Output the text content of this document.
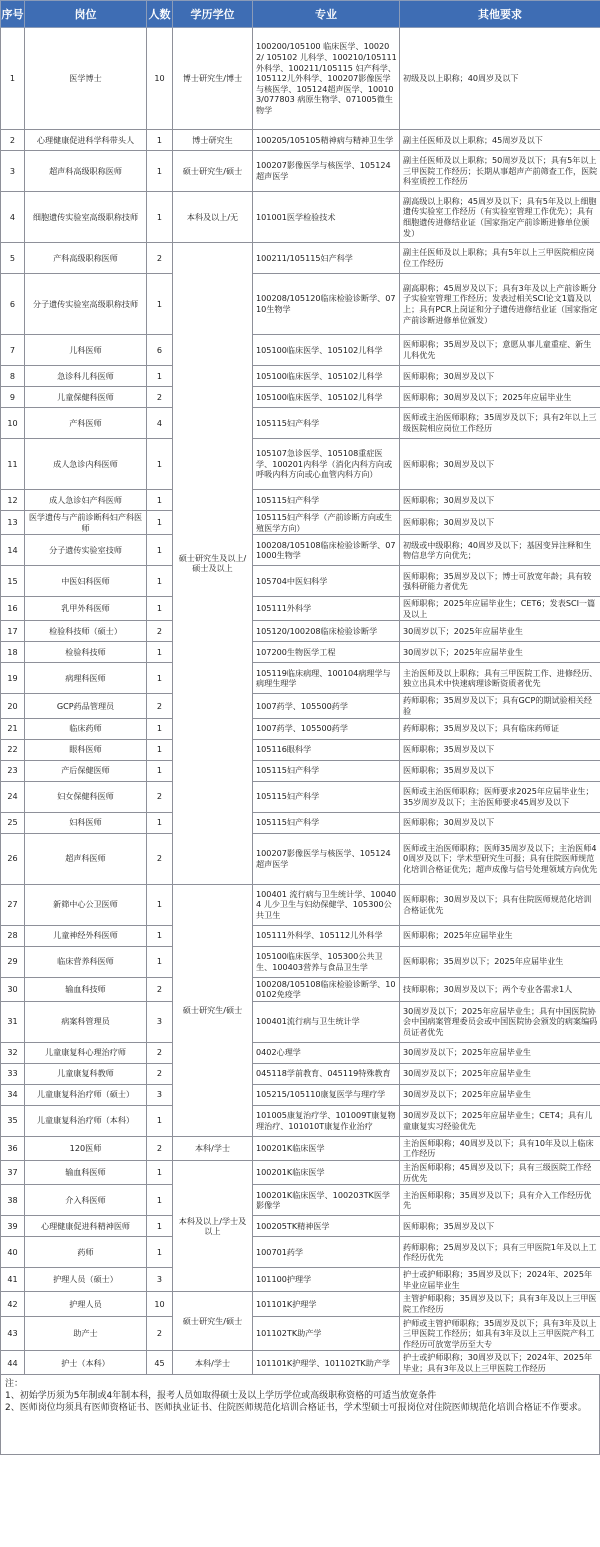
序号	岗位	人数	学历学位	专业	其他要求
1	医学博士	10	博士研究生/博士	100200/105100 临床医学、100202/ 105102 儿科学、100210/105111 外科学、100211/105115 妇产科学、105112儿外科学、100207影像医学与核医学、105124超声医学、100103/077803 病原生物学、071005微生物学	初级及以上职称；40周岁及以下
2	心理健康促进科学科带头人	1	博士研究生	100205/105105精神病与精神卫生学	副主任医师及以上职称；45周岁及以下
3	超声科高级职称医师	1	硕士研究生/硕士	100207影像医学与核医学、105124超声医学	副主任医师及以上职称；50周岁及以下；具有5年以上三甲医院工作经历；长期从事超声产前筛查工作，医院科室质控工作经历
4	细胞遗传实验室高级职称技师	1	本科及以上/无	101001医学检验技术	副高级以上职称；45周岁及以下；具有5年及以上细胞遗传实验室工作经历（有实验室管理工作优先）；具有细胞遗传进修结业证（国家指定产前诊断进修单位颁发）
5	产科高级职称医师	2	硕士研究生及以上/硕士及以上	100211/105115妇产科学	副主任医师及以上职称；具有5年以上三甲医院相应岗位工作经历
6	分子遗传实验室高级职称技师	1		100208/105120临床检验诊断学、0710生物学	副高职称；45周岁及以下；具有3年及以上产前诊断分子实验室管理工作经历；发表过相关SCI论文1篇及以上；具有PCR上岗证和分子遗传进修结业证（国家指定产前诊断进修单位颁发）
7	儿科医师	6		105100临床医学、105102儿科学	医师职称；35周岁及以下；意愿从事儿童重症、新生儿科优先
8	急诊科儿科医师	1		105100临床医学、105102儿科学	医师职称；30周岁及以下
9	儿童保健科医师	2		105100临床医学、105102儿科学	医师职称；30周岁及以下；2025年应届毕业生
10	产科医师	4		105115妇产科学	医师或主治医师职称；35周岁及以下；具有2年以上三级医院相应岗位工作经历
11	成人急诊内科医师	1		105107急诊医学、105108重症医学、100201内科学（消化内科方向或呼吸内科方向或心血管内科方向）	医师职称；30周岁及以下
12	成人急诊妇产科医师	1		105115妇产科学	医师职称；30周岁及以下
13	医学遗传与产前诊断科妇产科医师	1		105115妇产科学（产前诊断方向或生殖医学方向）	医师职称；30周岁及以下
14	分子遗传实验室技师	1		100208/105108临床检验诊断学、071000生物学	初级或中级职称；40周岁及以下；基因变异注释和生物信息学方向优先；
15	中医妇科医师	1		105704中医妇科学	医师职称；35周岁及以下；博士可放宽年龄；具有较强科研能力者优先
16	乳甲外科医师	1		105111外科学	医师职称；2025年应届毕业生；CET6；发表SCI一篇及以上
17	检验科技师（硕士）	2		105120/100208临床检验诊断学	30周岁以下；2025年应届毕业生
18	检验科技师	1		107200生物医学工程	30周岁以下；2025年应届毕业生
19	病理科医师	1		105119临床病理、100104病理学与病理生理学	主治医师及以上职称；具有三甲医院工作、进修经历、独立出具术中快速病理诊断资质者优先
20	GCP药品管理员	2		1007药学、105500药学	药师职称；35周岁及以下；具有GCP的期试验相关经验
21	临床药师	1		1007药学、105500药学	药师职称；35周岁及以下；具有临床药师证
22	眼科医师	1		105116眼科学	医师职称；35周岁及以下
23	产后保健医师	1		105115妇产科学	医师职称；35周岁及以下
24	妇女保健科医师	2		105115妇产科学	医师或主治医师职称；医师要求2025年应届毕业生；35岁周岁及以下；主治医师要求45周岁及以下
25	妇科医师	1		105115妇产科学	医师职称；30周岁及以下
26	超声科医师	2		100207影像医学与核医学、105124超声医学	医师或主治医师职称；医师35周岁及以下；主治医师40周岁及以下；学术型研究生可报；具有住院医师规范化培训合格证优先；超声成像与信号处理领域方向优先
27	新筛中心公卫医师	1	硕士研究生/硕士	100401 流行病与卫生统计学、100404 儿少卫生与妇幼保健学、105300公共卫生	医师职称；30周岁及以下；具有住院医师规范化培训合格证优先
28	儿童神经外科医师	1		105111外科学、105112儿外科学	医师职称；2025年应届毕业生
29	临床营养科医师	1		105100临床医学、105300公共卫生、100403营养与食品卫生学	医师职称；35周岁以下；2025年应届毕业生
30	输血科技师	2		100208/105108临床检验诊断学、100102免疫学	技师职称；30周岁及以下；两个专业各需求1人
31	病案科管理员	3		100401流行病与卫生统计学	30周岁及以下；2025年应届毕业生；具有中国医院协会中国病案管理委员会或中国医院协会颁发的病案编码员证者优先
32	儿童康复科心理治疗师	2		0402心理学	30周岁及以下；2025年应届毕业生
33	儿童康复科教师	2		045118学前教育、045119特殊教育	30周岁及以下；2025年应届毕业生
34	儿童康复科治疗师（硕士）	3		105215/105110康复医学与理疗学	30周岁及以下；2025年应届毕业生
35	儿童康复科治疗师（本科）	1		101005康复治疗学、101009T康复物理治疗、101010T康复作业治疗	30周岁及以下；2025年应届毕业生；CET4；具有儿童康复实习经验优先
36	120医师	2	本科/学士	100201K临床医学	主治医师职称；40周岁及以下；具有10年及以上临床工作经历
37	输血科医师	1	本科及以上/学士及以上	100201K临床医学	主治医师职称；45周岁及以下；具有三级医院工作经历优先
38	介入科医师	1		100201K临床医学、100203TK医学影像学	主治医师职称；35周岁及以下；具有介入工作经历优先
39	心理健康促进科精神医师	1		100205TK精神医学	医师职称；35周岁及以下
40	药师	1		100701药学	药师职称；25周岁及以下；具有三甲医院1年及以上工作经历优先
41	护理人员（硕士）	3		101100护理学	护士或护师职称；35周岁及以下；2024年、2025年毕业应届毕业生
42	护理人员	10	硕士研究生/硕士	101101K护理学	主管护师职称；35周岁及以下；具有3年及以上三甲医院工作经历
43	助产士	2		101102TK助产学	护师或主管护师职称；35周岁及以下；具有3年及以上三甲医院工作经历；如具有3年及以上三甲医院产科工作经历可放宽学历至大专
44	护士（本科）	45	本科/学士	101101K护理学、101102TK助产学	护士或护师职称；30周岁及以下；2024年、2025年毕业；具有3年及以上三甲医院工作经历
注：
1、初始学历须为5年制或4年制本科，报考人员如取得硕士及以上学历学位或高级职称资格的可适当放宽条件
2、医师岗位均须具有医师资格证书、医师执业证书、住院医师规范化培训合格证书，学术型硕士可报岗位对住院医师规范化培训合格证不作要求。
